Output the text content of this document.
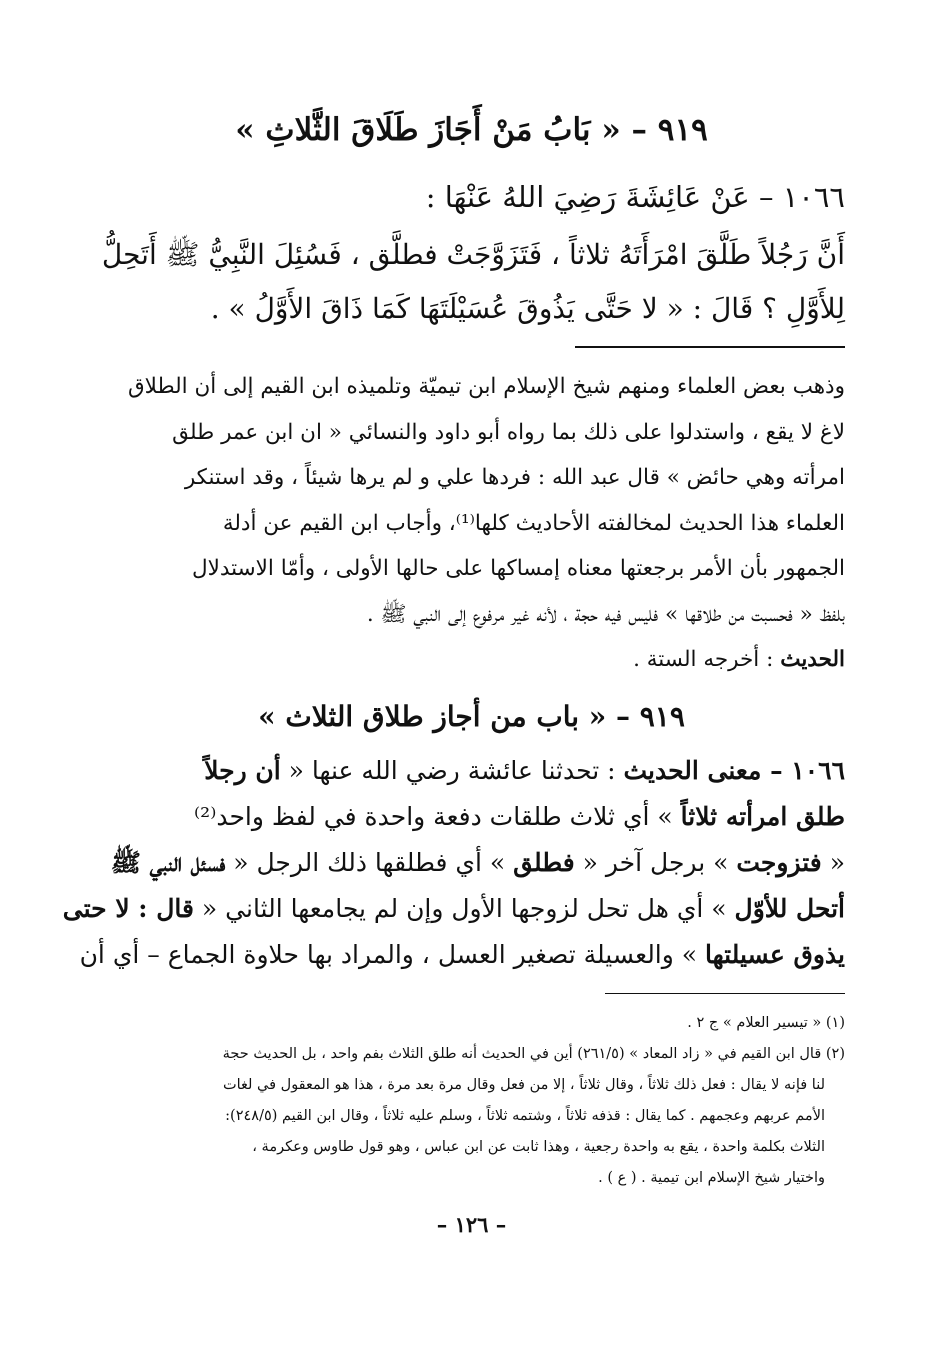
٩١٩ – « بَابُ مَنْ أَجَازَ طَلَاقَ الثَّلاثِ »
١٠٦٦ – عَنْ عَائِشَةَ رَضِيَ اللهُ عَنْهَا :
أَنَّ رَجُلاً طَلَّقَ امْرَأَتَهُ ثلاثاً ، فَتَزَوَّجَتْ فطلَّق ، فَسُئِلَ النَّبِيُّ ﷺ أَتَحِلُّ
لِلأَوَّلِ ؟ قَالَ : « لا حَتَّى يَذُوقَ عُسَيْلَتَهَا كَمَا ذَاقَ الأَوَّلُ » .
وذهب بعض العلماء ومنهم شيخ الإسلام ابن تيميّة وتلميذه ابن القيم إلى أن الطلاق
لاغ لا يقع ، واستدلوا على ذلك بما رواه أبو داود والنسائي « ان ابن عمر طلق
امرأته وهي حائض » قال عبد الله : فردها علي و لم يرها شيئاً ، وقد استنكر
العلماء هذا الحديث لمخالفته الأحاديث كلها⁽¹⁾، وأجاب ابن القيم عن أدلة
الجمهور بأن الأمر برجعتها معناه إمساكها على حالها الأولى ، وأمّا الاستدلال
بلفظ « فحسبت من طلاقها » فليس فيه حجة ، لأنه غير مرفوع إلى النبي ﷺ .
الحديث : أخرجه الستة .
٩١٩ – « باب من أجاز طلاق الثلاث »
١٠٦٦ – معنى الحديث : تحدثنا عائشة رضي الله عنها « أن رجلاً
طلق امرأته ثلاثاً » أي ثلاث طلقات دفعة واحدة في لفظ واحد⁽²⁾
« فتزوجت » برجل آخر « فطلق » أي فطلقها ذلك الرجل « فسئل النبي ﷺ
أتحل للأوّل » أي هل تحل لزوجها الأول وإن لم يجامعها الثاني « قال : لا حتى
يذوق عسيلتها » والعسيلة تصغير العسل ، والمراد بها حلاوة الجماع – أي أن
(١) « تيسير العلام » ج ٢ .
(٢) قال ابن القيم في « زاد المعاد » (٢٦١/٥) أين في الحديث أنه طلق الثلاث بفم واحد ، بل الحديث حجة
لنا فإنه لا يقال : فعل ذلك ثلاثاً ، وقال ثلاثاً ، إلا من فعل وقال مرة بعد مرة ، هذا هو المعقول في لغات
الأمم عربهم وعجمهم . كما يقال : قذفه ثلاثاً ، وشتمه ثلاثاً ، وسلم عليه ثلاثاً ، وقال ابن القيم (٢٤٨/٥):
الثلاث بكلمة واحدة ، يقع به واحدة رجعية ، وهذا ثابت عن ابن عباس ، وهو قول طاوس وعكرمة ،
واختيار شيخ الإسلام ابن تيمية . ( ع ) .
– ١٢٦ –
